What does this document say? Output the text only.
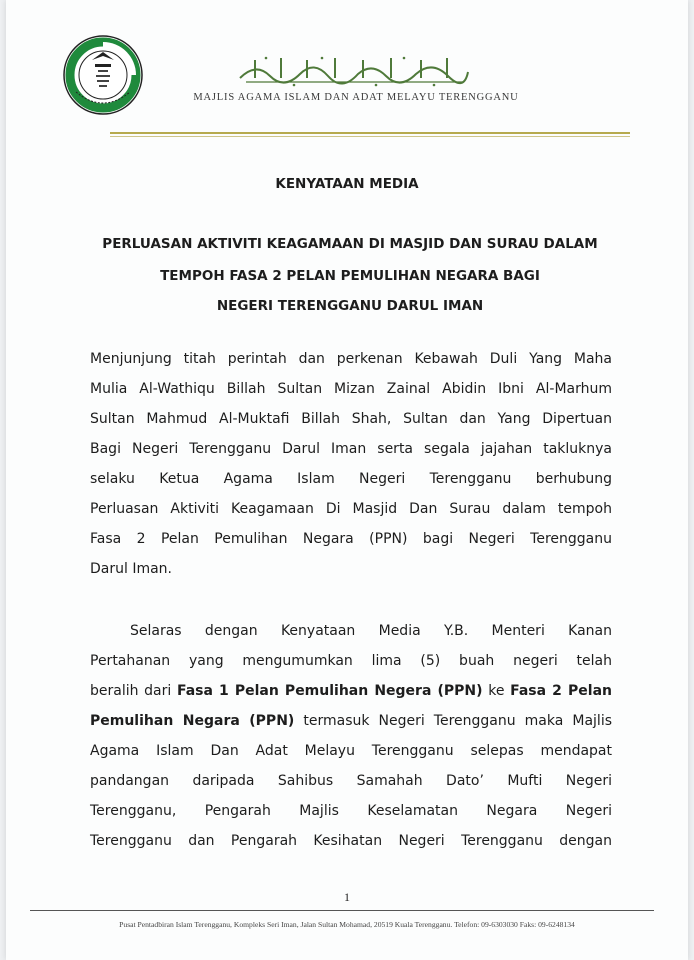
MAJLIS AGAMA ISLAM DAN ADAT MELAYU TERENGGANU
KENYATAAN MEDIA
PERLUASAN AKTIVITI KEAGAMAAN DI MASJID DAN SURAU DALAM
TEMPOH FASA 2 PELAN PEMULIHAN NEGARA BAGI
NEGERI TERENGGANU DARUL IMAN
Menjunjung titah perintah dan perkenan Kebawah Duli Yang Maha
Mulia Al-Wathiqu Billah Sultan Mizan Zainal Abidin Ibni Al-Marhum
Sultan Mahmud Al-Muktafi Billah Shah, Sultan dan Yang Dipertuan
Bagi Negeri Terengganu Darul Iman serta segala jajahan takluknya
selaku Ketua Agama Islam Negeri Terengganu berhubung
Perluasan Aktiviti Keagamaan Di Masjid Dan Surau dalam tempoh
Fasa 2 Pelan Pemulihan Negara (PPN) bagi Negeri Terengganu
Darul Iman.
Selaras dengan Kenyataan Media Y.B. Menteri Kanan
Pertahanan yang mengumumkan lima (5) buah negeri telah
beralih dari Fasa 1 Pelan Pemulihan Negera (PPN) ke Fasa 2 Pelan
Pemulihan Negara (PPN) termasuk Negeri Terengganu maka Majlis
Agama Islam Dan Adat Melayu Terengganu selepas mendapat
pandangan daripada Sahibus Samahah Dato’ Mufti Negeri
Terengganu, Pengarah Majlis Keselamatan Negara Negeri
Terengganu dan Pengarah Kesihatan Negeri Terengganu dengan
1
Pusat Pentadbiran Islam Terengganu, Kompleks Seri Iman, Jalan Sultan Mohamad, 20519 Kuala Terengganu. Telefon: 09-6303030 Faks: 09-6248134
